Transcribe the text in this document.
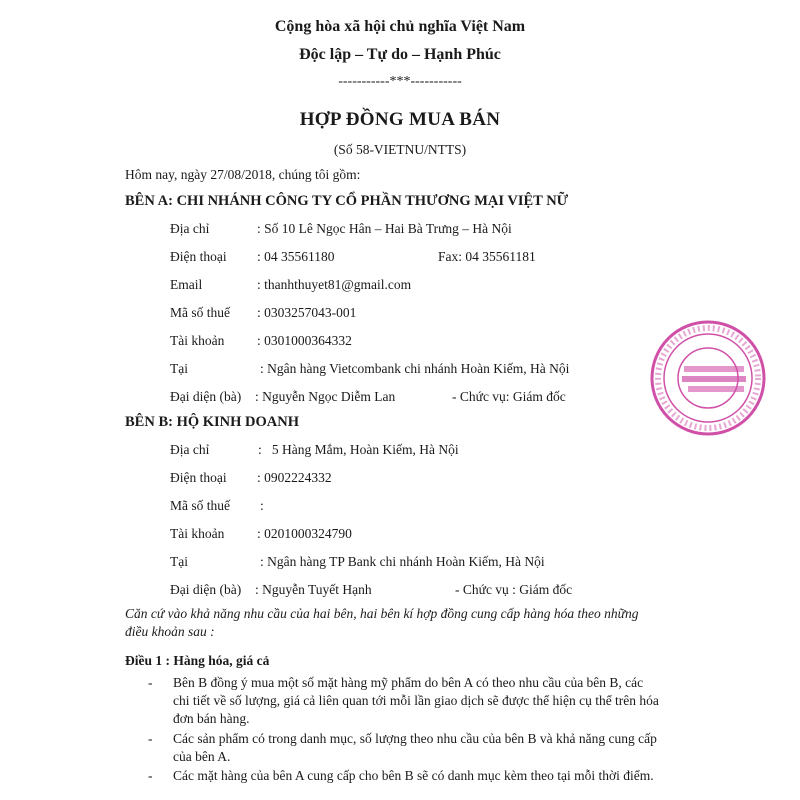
Cộng hòa xã hội chủ nghĩa Việt Nam
Độc lập – Tự do – Hạnh Phúc
-----------***-----------
HỢP ĐỒNG MUA BÁN
(Số 58-VIETNU/NTTS)
Hôm nay, ngày 27/08/2018, chúng tôi gồm:
BÊN A: CHI NHÁNH CÔNG TY CỔ PHẦN THƯƠNG MẠI VIỆT NỮ
Địa chỉ	: Số 10 Lê Ngọc Hân – Hai Bà Trưng – Hà Nội
Điện thoại : 04 35561180	Fax: 04 35561181
Email	: thanhthuyet81@gmail.com
Mã số thuế : 0303257043-001
Tài khoản : 0301000364332
Tại	: Ngân hàng Vietcombank chi nhánh Hoàn Kiếm, Hà Nội
Đại diện (bà) : Nguyễn Ngọc Diễm Lan	- Chức vụ: Giám đốc
BÊN B: HỘ KINH DOANH
Địa chỉ	:   5 Hàng Mắm, Hoàn Kiếm, Hà Nội
Điện thoại : 0902224332
Mã số thuế :
Tài khoản : 0201000324790
Tại	: Ngân hàng TP Bank chi nhánh Hoàn Kiếm, Hà Nội
Đại diện (bà) : Nguyễn Tuyết Hạnh	- Chức vụ : Giám đốc
Căn cứ vào khả năng nhu cầu của hai bên, hai bên kí hợp đồng cung cấp hàng hóa theo những
điều khoản sau :
Điều 1 : Hàng hóa, giá cả
- Bên B đồng ý mua một số mặt hàng mỹ phẩm do bên A có theo nhu cầu của bên B, các
chi tiết về số lượng, giá cả liên quan tới mỗi lần giao dịch sẽ được thể hiện cụ thể trên hóa
đơn bán hàng.
- Các sản phẩm có trong danh mục, số lượng theo nhu cầu của bên B và khả năng cung cấp
của bên A.
- Các mặt hàng của bên A cung cấp cho bên B sẽ có danh mục kèm theo tại mỗi thời điểm.
